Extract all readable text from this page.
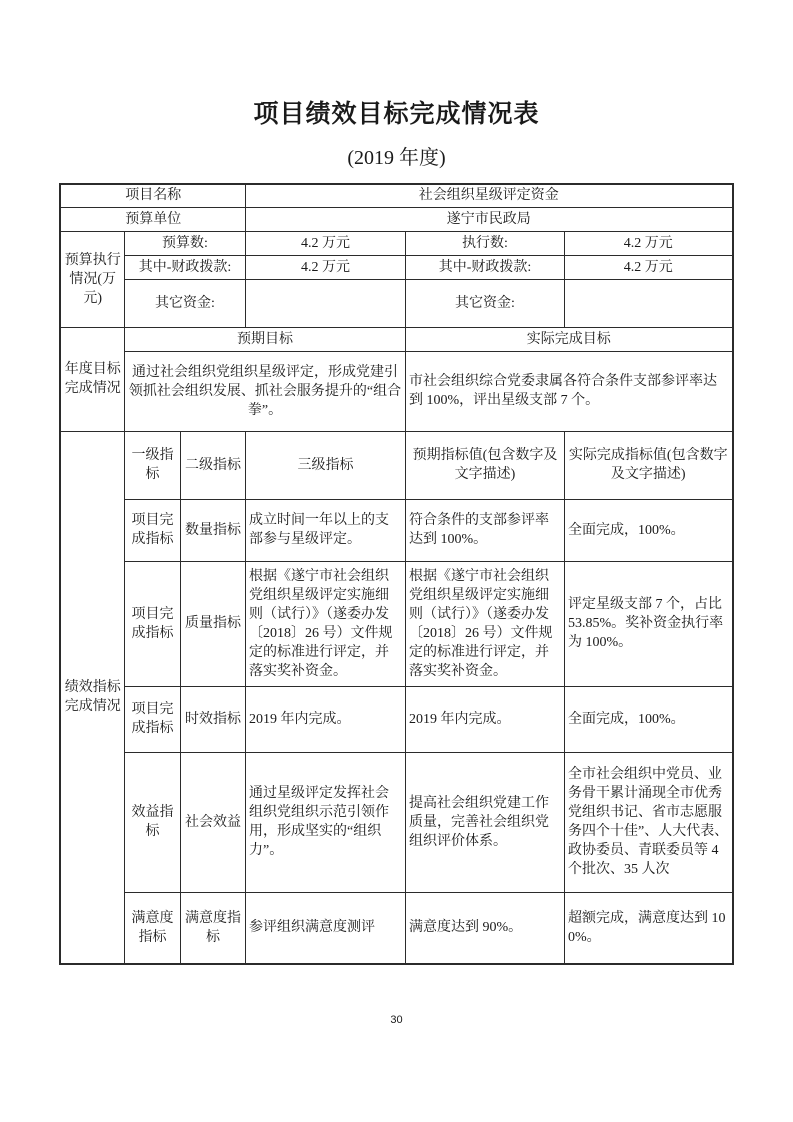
项目绩效目标完成情况表
(2019 年度)
项目名称			社会组织星级评定资金		
预算单位			遂宁市民政局		
预算执行情况(万元)	预算数:		4.2 万元	执行数:	4.2 万元
	其中-财政拨款:		4.2 万元	其中-财政拨款:	4.2 万元
	其它资金:			其它资金:	
年度目标完成情况	预期目标			实际完成目标	
	通过社会组织党组织星级评定，形成党建引领抓社会组织发展、抓社会服务提升的“组合拳”。			市社会组织综合党委隶属各符合条件支部参评率达到 100%，评出星级支部 7 个。	
绩效指标完成情况	一级指标	二级指标	三级指标	预期指标值(包含数字及文字描述)	实际完成指标值(包含数字及文字描述)
	项目完成指标	数量指标	成立时间一年以上的支部参与星级评定。	符合条件的支部参评率达到 100%。	全面完成，100%。
	项目完成指标	质量指标	根据《遂宁市社会组织党组织星级评定实施细则（试行）》（遂委办发〔2018〕26 号）文件规定的标准进行评定，并落实奖补资金。	根据《遂宁市社会组织党组织星级评定实施细则（试行）》（遂委办发〔2018〕26 号）文件规定的标准进行评定，并落实奖补资金。	评定星级支部 7 个，占比 53.85%。奖补资金执行率为 100%。
	项目完成指标	时效指标	2019 年内完成。	2019 年内完成。	全面完成，100%。
	效益指标	社会效益	通过星级评定发挥社会组织党组织示范引领作用，形成坚实的“组织力”。	提高社会组织党建工作质量，完善社会组织党组织评价体系。	全市社会组织中党员、业务骨干累计涌现全市优秀党组织书记、省市志愿服务四个十佳”、人大代表、政协委员、青联委员等 4 个批次、35 人次
	满意度指标	满意度指标	参评组织满意度测评	满意度达到 90%。	超额完成，满意度达到 100%。
30
